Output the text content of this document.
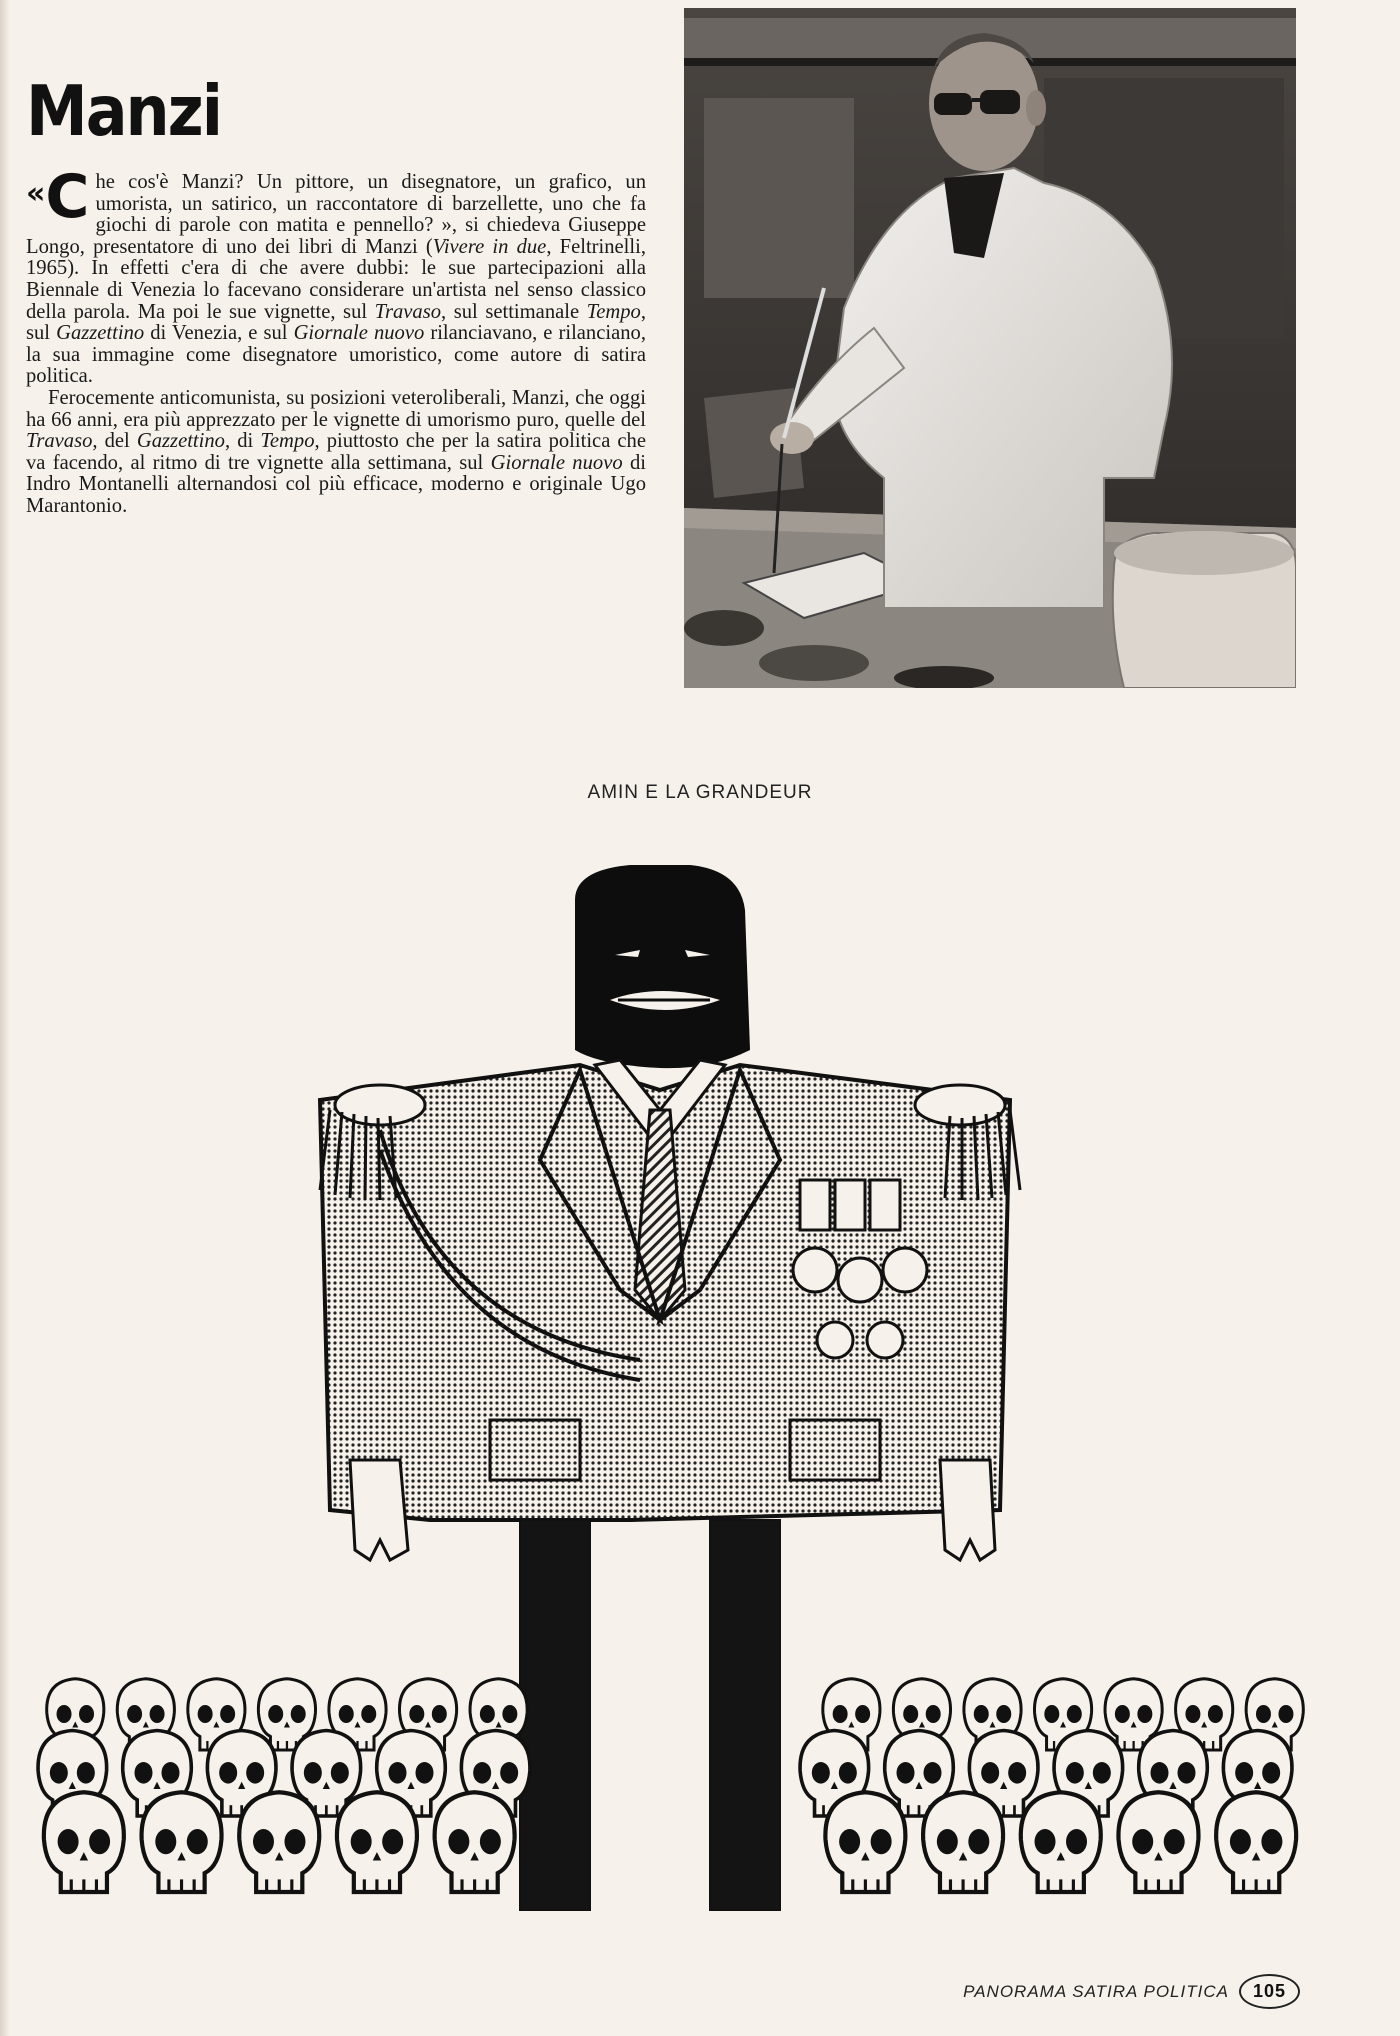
Manzi

«C he cos'è Manzi? Un pittore, un disegnatore, un grafico, un umorista, un satirico, un raccontatore di barzellette, uno che fa giochi di parole con matita e pennello? », si chiedeva Giuseppe Longo, presentatore di uno dei libri di Manzi (Vivere in due, Feltrinelli, 1965). In effetti c'era di che avere dubbi: le sue partecipazioni alla Biennale di Venezia lo facevano considerare un'artista nel senso classico della parola. Ma poi le sue vignette, sul Travaso, sul settimanale Tempo, sul Gazzettino di Venezia, e sul Giornale nuovo rilanciavano, e rilanciano, la sua immagine come disegnatore umoristico, come autore di satira politica.

Ferocemente anticomunista, su posizioni veteroliberali, Manzi, che oggi ha 66 anni, era più apprezzato per le vignette di umorismo puro, quelle del Travaso, del Gazzettino, di Tempo, piuttosto che per la satira politica che va facendo, al ritmo di tre vignette alla settimana, sul Giornale nuovo di Indro Montanelli alternandosi col più efficace, moderno e originale Ugo Marantonio.

AMIN E LA GRANDEUR
PANORAMA SATIRA POLITICA	105
